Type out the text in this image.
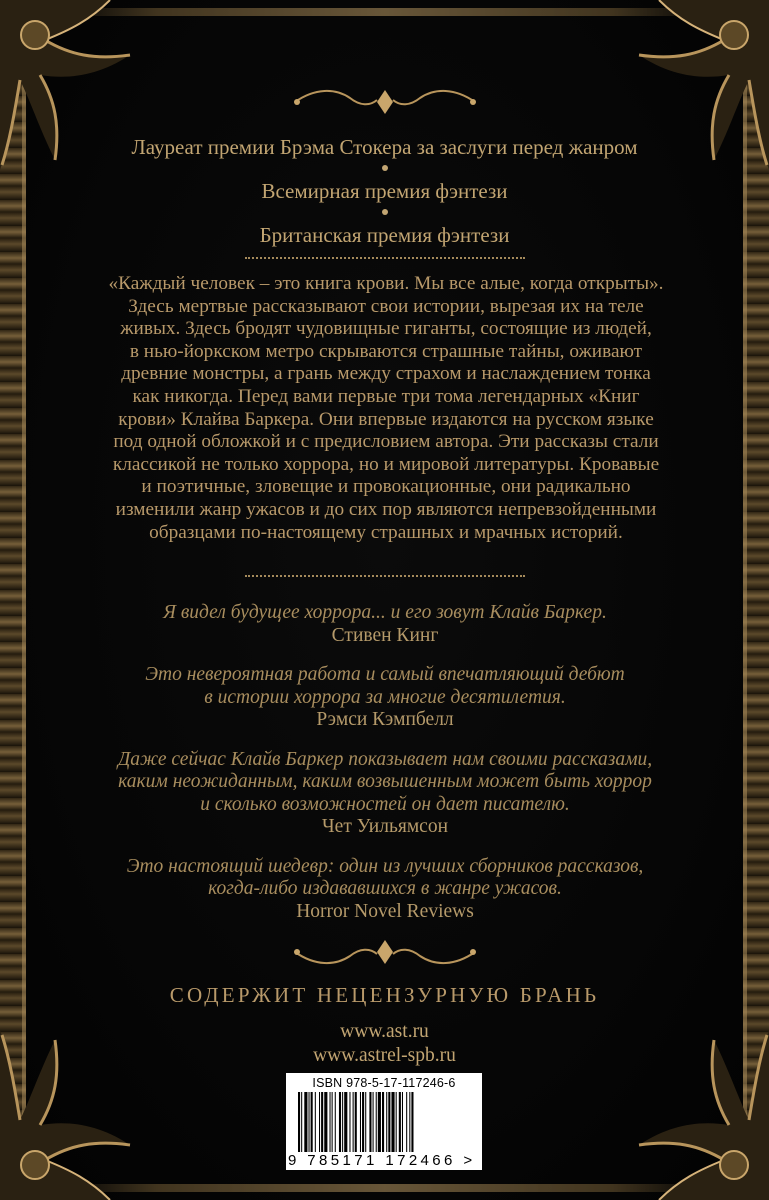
Лауреат премии Брэма Стокера за заслуги перед жанром

Всемирная премия фэнтези

Британская премия фэнтези

«Каждый человек – это книга крови. Мы все алые, когда открыты».

Здесь мертвые рассказывают свои истории, вырезая их на теле

живых. Здесь бродят чудовищные гиганты, состоящие из людей,

в нью-йоркском метро скрываются страшные тайны, оживают

древние монстры, а грань между страхом и наслаждением тонка

как никогда. Перед вами первые три тома легендарных «Книг

крови» Клайва Баркера. Они впервые издаются на русском языке

под одной обложкой и с предисловием автора. Эти рассказы стали

классикой не только хоррора, но и мировой литературы. Кровавые

и поэтичные, зловещие и провокационные, они радикально

изменили жанр ужасов и до сих пор являются непревзойденными

образцами по-настоящему страшных и мрачных историй.

Я видел будущее хоррора... и его зовут Клайв Баркер.

Стивен Кинг

Это невероятная работа и самый впечатляющий дебют

в истории хоррора за многие десятилетия.

Рэмси Кэмпбелл

Даже сейчас Клайв Баркер показывает нам своими рассказами,

каким неожиданным, каким возвышенным может быть хоррор

и сколько возможностей он дает писателю.

Чет Уильямсон

Это настоящий шедевр: один из лучших сборников рассказов,

когда-либо издававшихся в жанре ужасов.

Horror Novel Reviews

СОДЕРЖИТ НЕЦЕНЗУРНУЮ БРАНЬ
www.ast.ru
www.astrel-spb.ru
ISBN 978-5-17-117246-6
9 785171 172466 >
